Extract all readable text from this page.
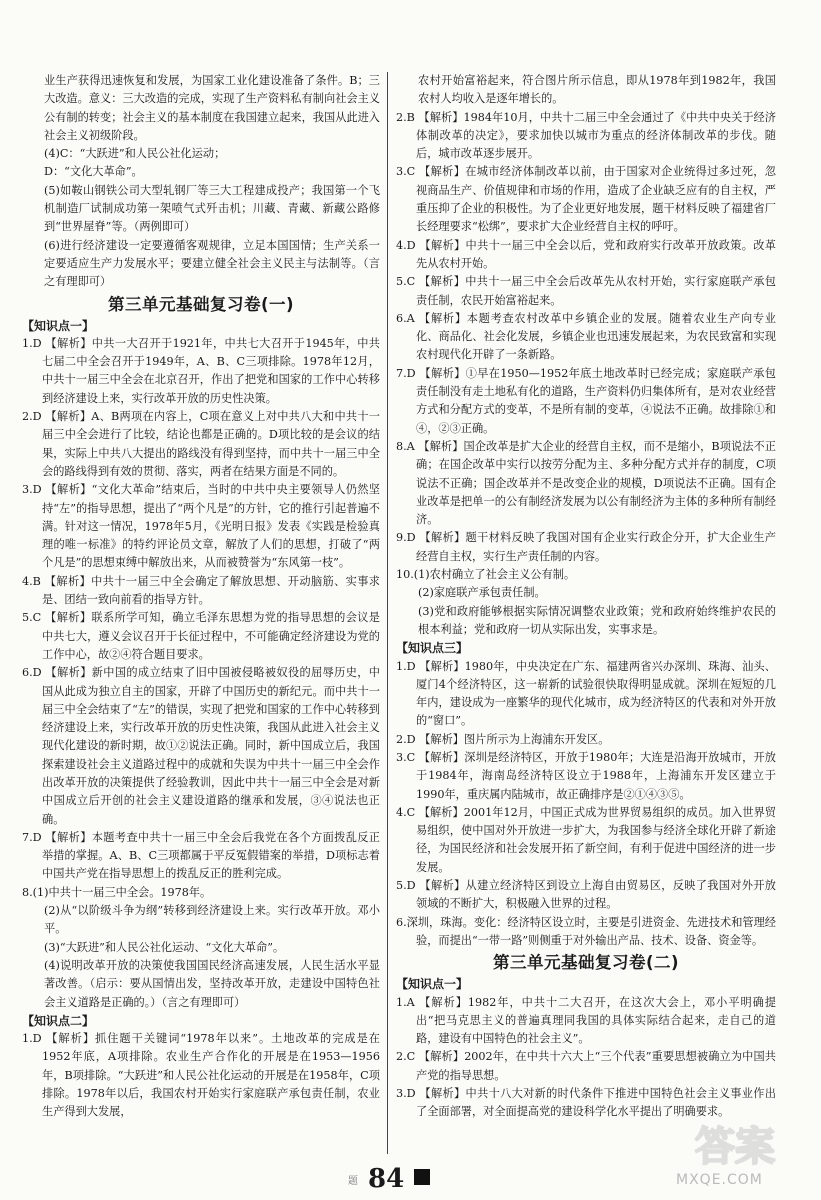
业生产获得迅速恢复和发展，为国家工业化建设准备了条件。B；三大改造。意义：三大改造的完成，实现了生产资料私有制向社会主义公有制的转变；社会主义的基本制度在我国建立起来，我国从此进入社会主义初级阶段。

(4)C：“大跃进”和人民公社化运动；

D：“文化大革命”。

(5)如鞍山钢铁公司大型轧钢厂等三大工程建成投产；我国第一个飞机制造厂试制成功第一架喷气式歼击机；川藏、青藏、新藏公路修到“世界屋脊”等。（两例即可）

(6)进行经济建设一定要遵循客观规律，立足本国国情；生产关系一定要适应生产力发展水平；要建立健全社会主义民主与法制等。（言之有理即可）

第三单元基础复习卷(一)

【知识点一】

1.D 【解析】中共一大召开于1921年，中共七大召开于1945年，中共七届二中全会召开于1949年，A、B、C三项排除。1978年12月，中共十一届三中全会在北京召开，作出了把党和国家的工作中心转移到经济建设上来，实行改革开放的历史性决策。

2.D 【解析】A、B两项在内容上，C项在意义上对中共八大和中共十一届三中全会进行了比较，结论也都是正确的。D项比较的是会议的结果，实际上中共八大提出的路线没有得到坚持，而中共十一届三中全会的路线得到有效的贯彻、落实，两者在结果方面是不同的。

3.D 【解析】“文化大革命”结束后，当时的中共中央主要领导人仍然坚持“左”的指导思想，提出了“两个凡是”的方针，它的推行引起普遍不满。针对这一情况，1978年5月，《光明日报》发表《实践是检验真理的唯一标准》的特约评论员文章，解放了人们的思想，打破了“两个凡是”的思想束缚中解放出来，从而被赞誉为“东风第一枝”。

4.B 【解析】中共十一届三中全会确定了解放思想、开动脑筋、实事求是、团结一致向前看的指导方针。

5.C 【解析】联系所学可知，确立毛泽东思想为党的指导思想的会议是中共七大，遵义会议召开于长征过程中，不可能确定经济建设为党的工作中心，故②④符合题目要求。

6.D 【解析】新中国的成立结束了旧中国被侵略被奴役的屈辱历史，中国从此成为独立自主的国家，开辟了中国历史的新纪元。而中共十一届三中全会结束了“左”的错误，实现了把党和国家的工作中心转移到经济建设上来，实行改革开放的历史性决策，我国从此进入社会主义现代化建设的新时期，故①②说法正确。同时，新中国成立后，我国探索建设社会主义道路过程中的成就和失误为中共十一届三中全会作出改革开放的决策提供了经验教训，因此中共十一届三中全会是对新中国成立后开创的社会主义建设道路的继承和发展，③④说法也正确。

7.D 【解析】本题考查中共十一届三中全会后我党在各个方面拨乱反正举措的掌握。A、B、C三项都属于平反冤假错案的举措，D项标志着中国共产党在指导思想上的拨乱反正的胜利完成。

8.(1)中共十一届三中全会。1978年。

(2)从“以阶级斗争为纲”转移到经济建设上来。实行改革开放。邓小平。

(3)“大跃进”和人民公社化运动、“文化大革命”。

(4)说明改革开放的决策使我国国民经济高速发展，人民生活水平显著改善。（启示：要从国情出发，坚持改革开放，走建设中国特色社会主义道路是正确的。）（言之有理即可）

【知识点二】

1.D 【解析】抓住题干关键词“1978年以来”。土地改革的完成是在1952年底，A项排除。农业生产合作化的开展是在1953—1956年，B项排除。“大跃进”和人民公社化运动的开展是在1958年，C项排除。1978年以后，我国农村开始实行家庭联产承包责任制，农业生产得到大发展，

农村开始富裕起来，符合图片所示信息，即从1978年到1982年，我国农村人均收入是逐年增长的。

2.B 【解析】1984年10月，中共十二届三中全会通过了《中共中央关于经济体制改革的决定》，要求加快以城市为重点的经济体制改革的步伐。随后，城市改革逐步展开。

3.C 【解析】在城市经济体制改革以前，由于国家对企业统得过多过死，忽视商品生产、价值规律和市场的作用，造成了企业缺乏应有的自主权，严重压抑了企业的积极性。为了企业更好地发展，题干材料反映了福建省厂长经理要求“松绑”，要求扩大企业经营自主权的呼吁。

4.D 【解析】中共十一届三中全会以后，党和政府实行改革开放政策。改革先从农村开始。

5.C 【解析】中共十一届三中全会后改革先从农村开始，实行家庭联产承包责任制，农民开始富裕起来。

6.A 【解析】本题考查农村改革中乡镇企业的发展。随着农业生产向专业化、商品化、社会化发展，乡镇企业也迅速发展起来，为农民致富和实现农村现代化开辟了一条新路。

7.D 【解析】①早在1950—1952年底土地改革时已经完成；家庭联产承包责任制没有走土地私有化的道路，生产资料仍归集体所有，是对农业经营方式和分配方式的变革，不是所有制的变革，④说法不正确。故排除①和④，②③正确。

8.A 【解析】国企改革是扩大企业的经营自主权，而不是缩小，B项说法不正确；在国企改革中实行以按劳分配为主、多种分配方式并存的制度，C项说法不正确；国企改革并不是改变企业的规模，D项说法不正确。国有企业改革是把单一的公有制经济发展为以公有制经济为主体的多种所有制经济。

9.D 【解析】题干材料反映了我国对国有企业实行政企分开，扩大企业生产经营自主权，实行生产责任制的内容。

10.(1)农村确立了社会主义公有制。

(2)家庭联产承包责任制。

(3)党和政府能够根据实际情况调整农业政策；党和政府始终维护农民的根本利益；党和政府一切从实际出发，实事求是。

【知识点三】

1.D 【解析】1980年，中央决定在广东、福建两省兴办深圳、珠海、汕头、厦门4个经济特区，这一崭新的试验很快取得明显成就。深圳在短短的几年内，建设成为一座繁华的现代化城市，成为经济特区的代表和对外开放的“窗口”。

2.D 【解析】图片所示为上海浦东开发区。

3.C 【解析】深圳是经济特区，开放于1980年；大连是沿海开放城市，开放于1984年，海南岛经济特区设立于1988年，上海浦东开发区建立于1990年，重庆属内陆城市，故正确排序是②①④③⑤。

4.C 【解析】2001年12月，中国正式成为世界贸易组织的成员。加入世界贸易组织，使中国对外开放进一步扩大，为我国参与经济全球化开辟了新途径，为国民经济和社会发展开拓了新空间，有利于促进中国经济的进一步发展。

5.D 【解析】从建立经济特区到设立上海自由贸易区，反映了我国对外开放领域的不断扩大，积极融入世界的过程。

6.深圳，珠海。变化：经济特区设立时，主要是引进资金、先进技术和管理经验，而提出“一带一路”则侧重于对外输出产品、技术、设备、资金等。

第三单元基础复习卷(二)

【知识点一】

1.A 【解析】1982年，中共十二大召开，在这次大会上，邓小平明确提出“把马克思主义的普遍真理同我国的具体实际结合起来，走自己的道路，建设有中国特色的社会主义”。

2.C 【解析】2002年，在中共十六大上“三个代表”重要思想被确立为中国共产党的指导思想。

3.D 【解析】中共十八大对新的时代条件下推进中国特色社会主义事业作出了全面部署，对全面提高党的建设科学化水平提出了明确要求。

题 84
答案
MXQE.COM
